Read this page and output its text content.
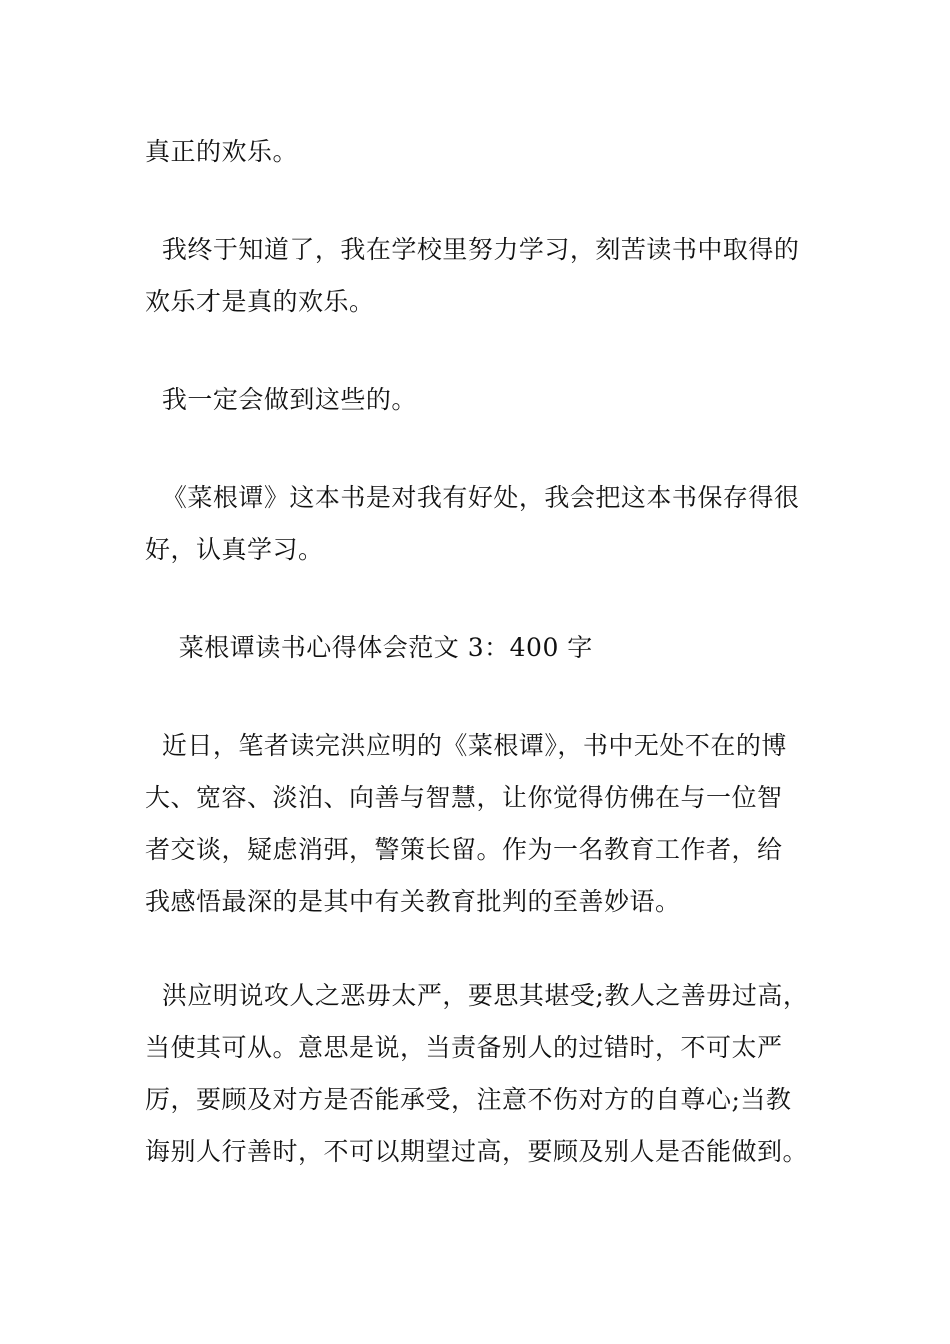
真正的欢乐。
我终于知道了，我在学校里努力学习，刻苦读书中取得的
欢乐才是真的欢乐。
我一定会做到这些的。
《菜根谭》这本书是对我有好处，我会把这本书保存得很
好，认真学习。
菜根谭读书心得体会范文 3：400 字
近日，笔者读完洪应明的《菜根谭》，书中无处不在的博
大、宽容、淡泊、向善与智慧，让你觉得仿佛在与一位智
者交谈，疑虑消弭，警策长留。作为一名教育工作者，给
我感悟最深的是其中有关教育批判的至善妙语。
洪应明说攻人之恶毋太严，要思其堪受;教人之善毋过高，
当使其可从。意思是说，当责备别人的过错时，不可太严
厉，要顾及对方是否能承受，注意不伤对方的自尊心;当教
诲别人行善时，不可以期望过高，要顾及别人是否能做到。
